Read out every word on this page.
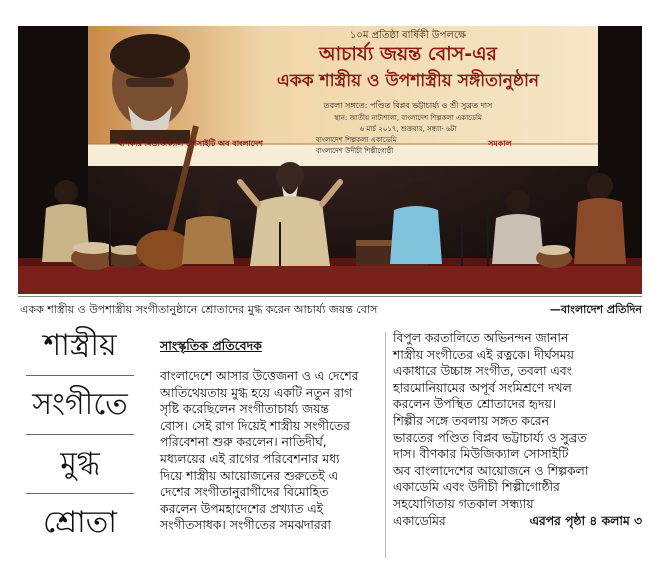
১০ম প্রতিষ্ঠা বার্ষিকী উপলক্ষে
আচার্য্য জয়ন্ত বোস-এর
একক শাস্ত্রীয় ও উপশাস্ত্রীয় সঙ্গীতানুষ্ঠান
তবলা সঙ্গতে: পণ্ডিত বিপ্লব ভট্টাচার্য্য ও শ্রী সুব্রত দাস
স্থান: জাতীয় নাট্যশালা, বাংলাদেশ শিল্পকলা একাডেমি
৬ মার্চ ২০১৭, শুক্রবার, সন্ধ্যা- ৬টা
বীণকার মিউজিক্যাল সোসাইটি অব বাংলাদেশ	বাংলাদেশ শিল্পকলা একাডেমি
বাংলাদেশ উদীচী শিল্পীগোষ্ঠী
সমকাল
একক শাস্ত্রীয় ও উপশাস্ত্রীয় সংগীতানুষ্ঠানে শ্রোতাদের মুগ্ধ করেন আচার্য্য জয়ন্ত বোস	—বাংলাদেশ প্রতিদিন
শাস্ত্রীয়
সংগীতে
মুগ্ধ
শ্রোতা
সাংস্কৃতিক প্রতিবেদক
বাংলাদেশে আসার উত্তেজনা ও এ দেশের
আতিথেয়তায় মুগ্ধ হয়ে একটি নতুন রাগ
সৃষ্টি করেছিলেন সংগীতাচার্য্য জয়ন্ত
বোস। সেই রাগ দিয়েই শাস্ত্রীয় সংগীতের
পরিবেশনা শুরু করলেন। নাতিদীর্ঘ,
মধ্যলয়ের এই রাগের পরিবেশনার মধ্য
দিয়ে শাস্ত্রীয় আয়োজনের শুরুতেই এ
দেশের সংগীতানুরাগীদের বিমোহিত
করলেন উপমহাদেশের প্রখ্যাত এই
সংগীতসাধক। সংগীতের সমঝদাররা
বিপুল করতালিতে অভিনন্দন জানান
শাস্ত্রীয় সংগীতের এই রত্নকে। দীর্ঘসময়
একাধারে উচ্চাঙ্গ সংগীত, তবলা এবং
হারমোনিয়ামের অপূর্ব সংমিশ্রণে দখল
করলেন উপস্থিত শ্রোতাদের হৃদয়।
শিল্পীর সঙ্গে তবলায় সঙ্গত করেন
ভারতের পণ্ডিত বিপ্লব ভট্টাচার্য্য ও সুব্রত
দাস। বীণকার মিউজিক্যাল সোসাইটি
অব বাংলাদেশের আয়োজনে ও শিল্পকলা
একাডেমি এবং উদীচী শিল্পীগোষ্ঠীর
সহযোগিতায় গতকাল সন্ধ্যায়
একাডেমির	এরপর পৃষ্ঠা ৪ কলাম ৩
